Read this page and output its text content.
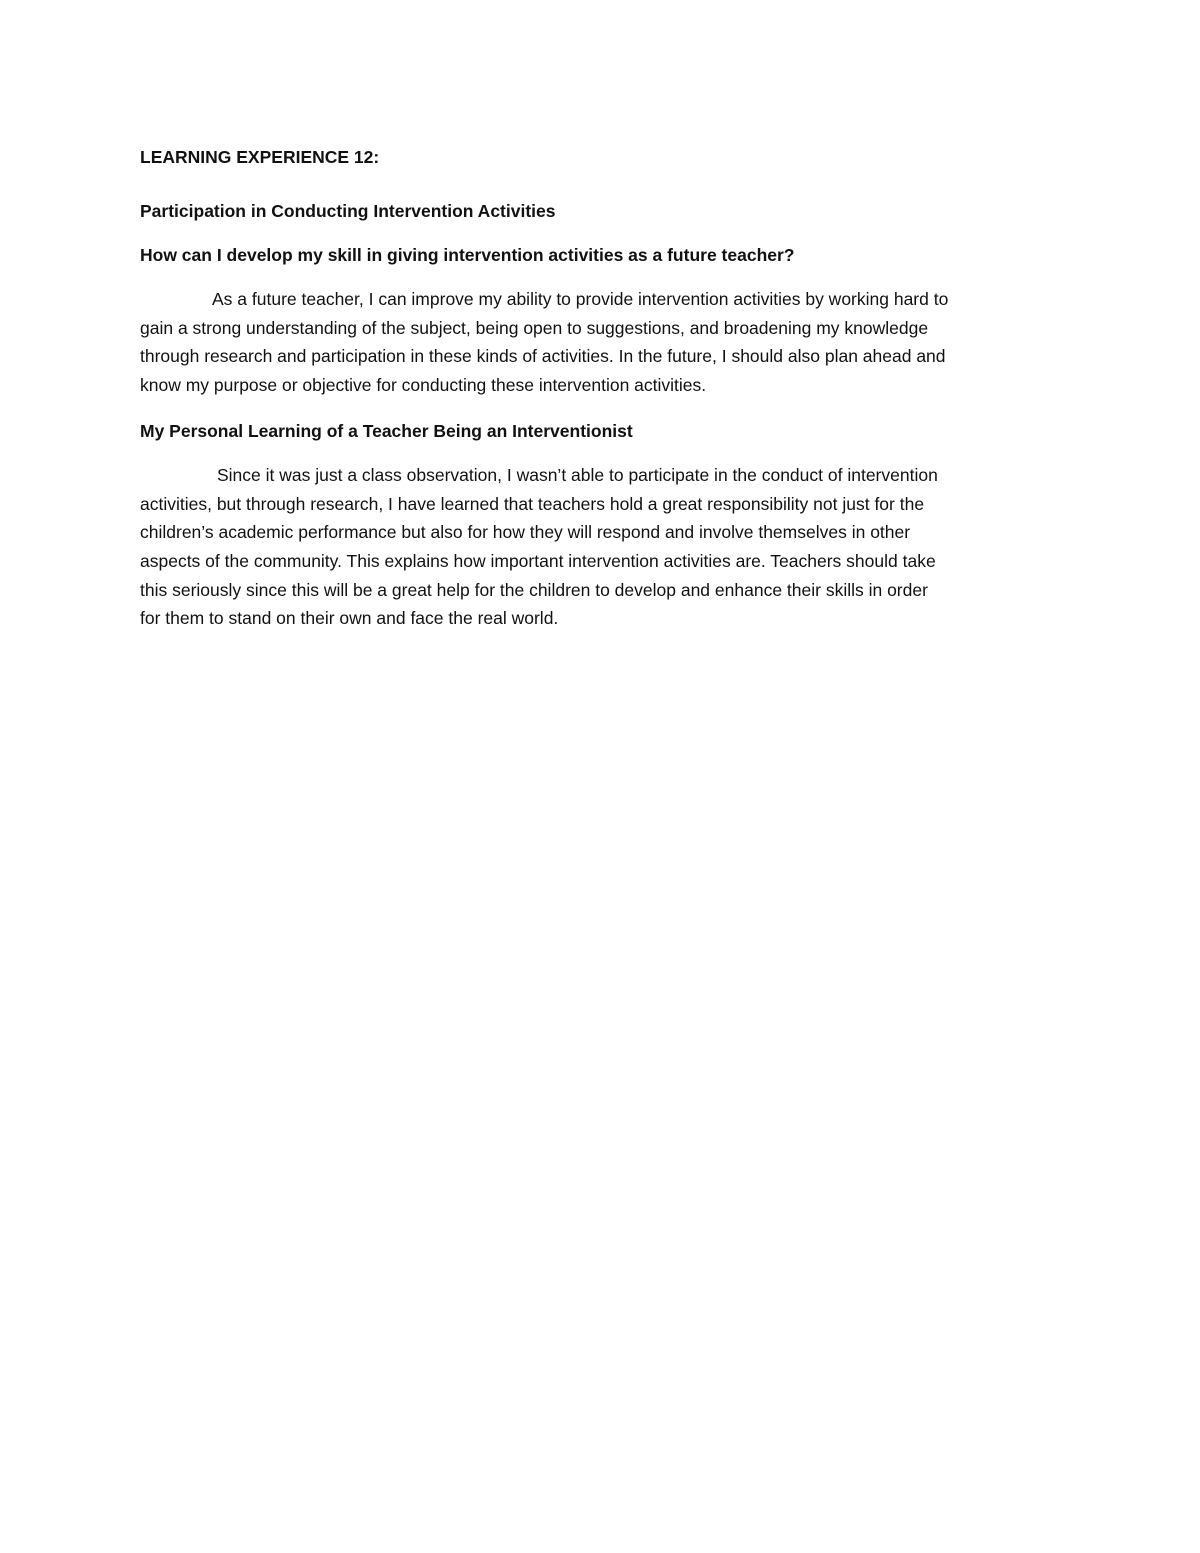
LEARNING EXPERIENCE 12:

Participation in Conducting Intervention Activities

How can I develop my skill in giving intervention activities as a future teacher?

As a future teacher, I can improve my ability to provide intervention activities by working hard to
gain a strong understanding of the subject, being open to suggestions, and broadening my knowledge
through research and participation in these kinds of activities. In the future, I should also plan ahead and
know my purpose or objective for conducting these intervention activities.

My Personal Learning of a Teacher Being an Interventionist

Since it was just a class observation, I wasn’t able to participate in the conduct of intervention
activities, but through research, I have learned that teachers hold a great responsibility not just for the
children’s academic performance but also for how they will respond and involve themselves in other
aspects of the community. This explains how important intervention activities are. Teachers should take
this seriously since this will be a great help for the children to develop and enhance their skills in order
for them to stand on their own and face the real world.
